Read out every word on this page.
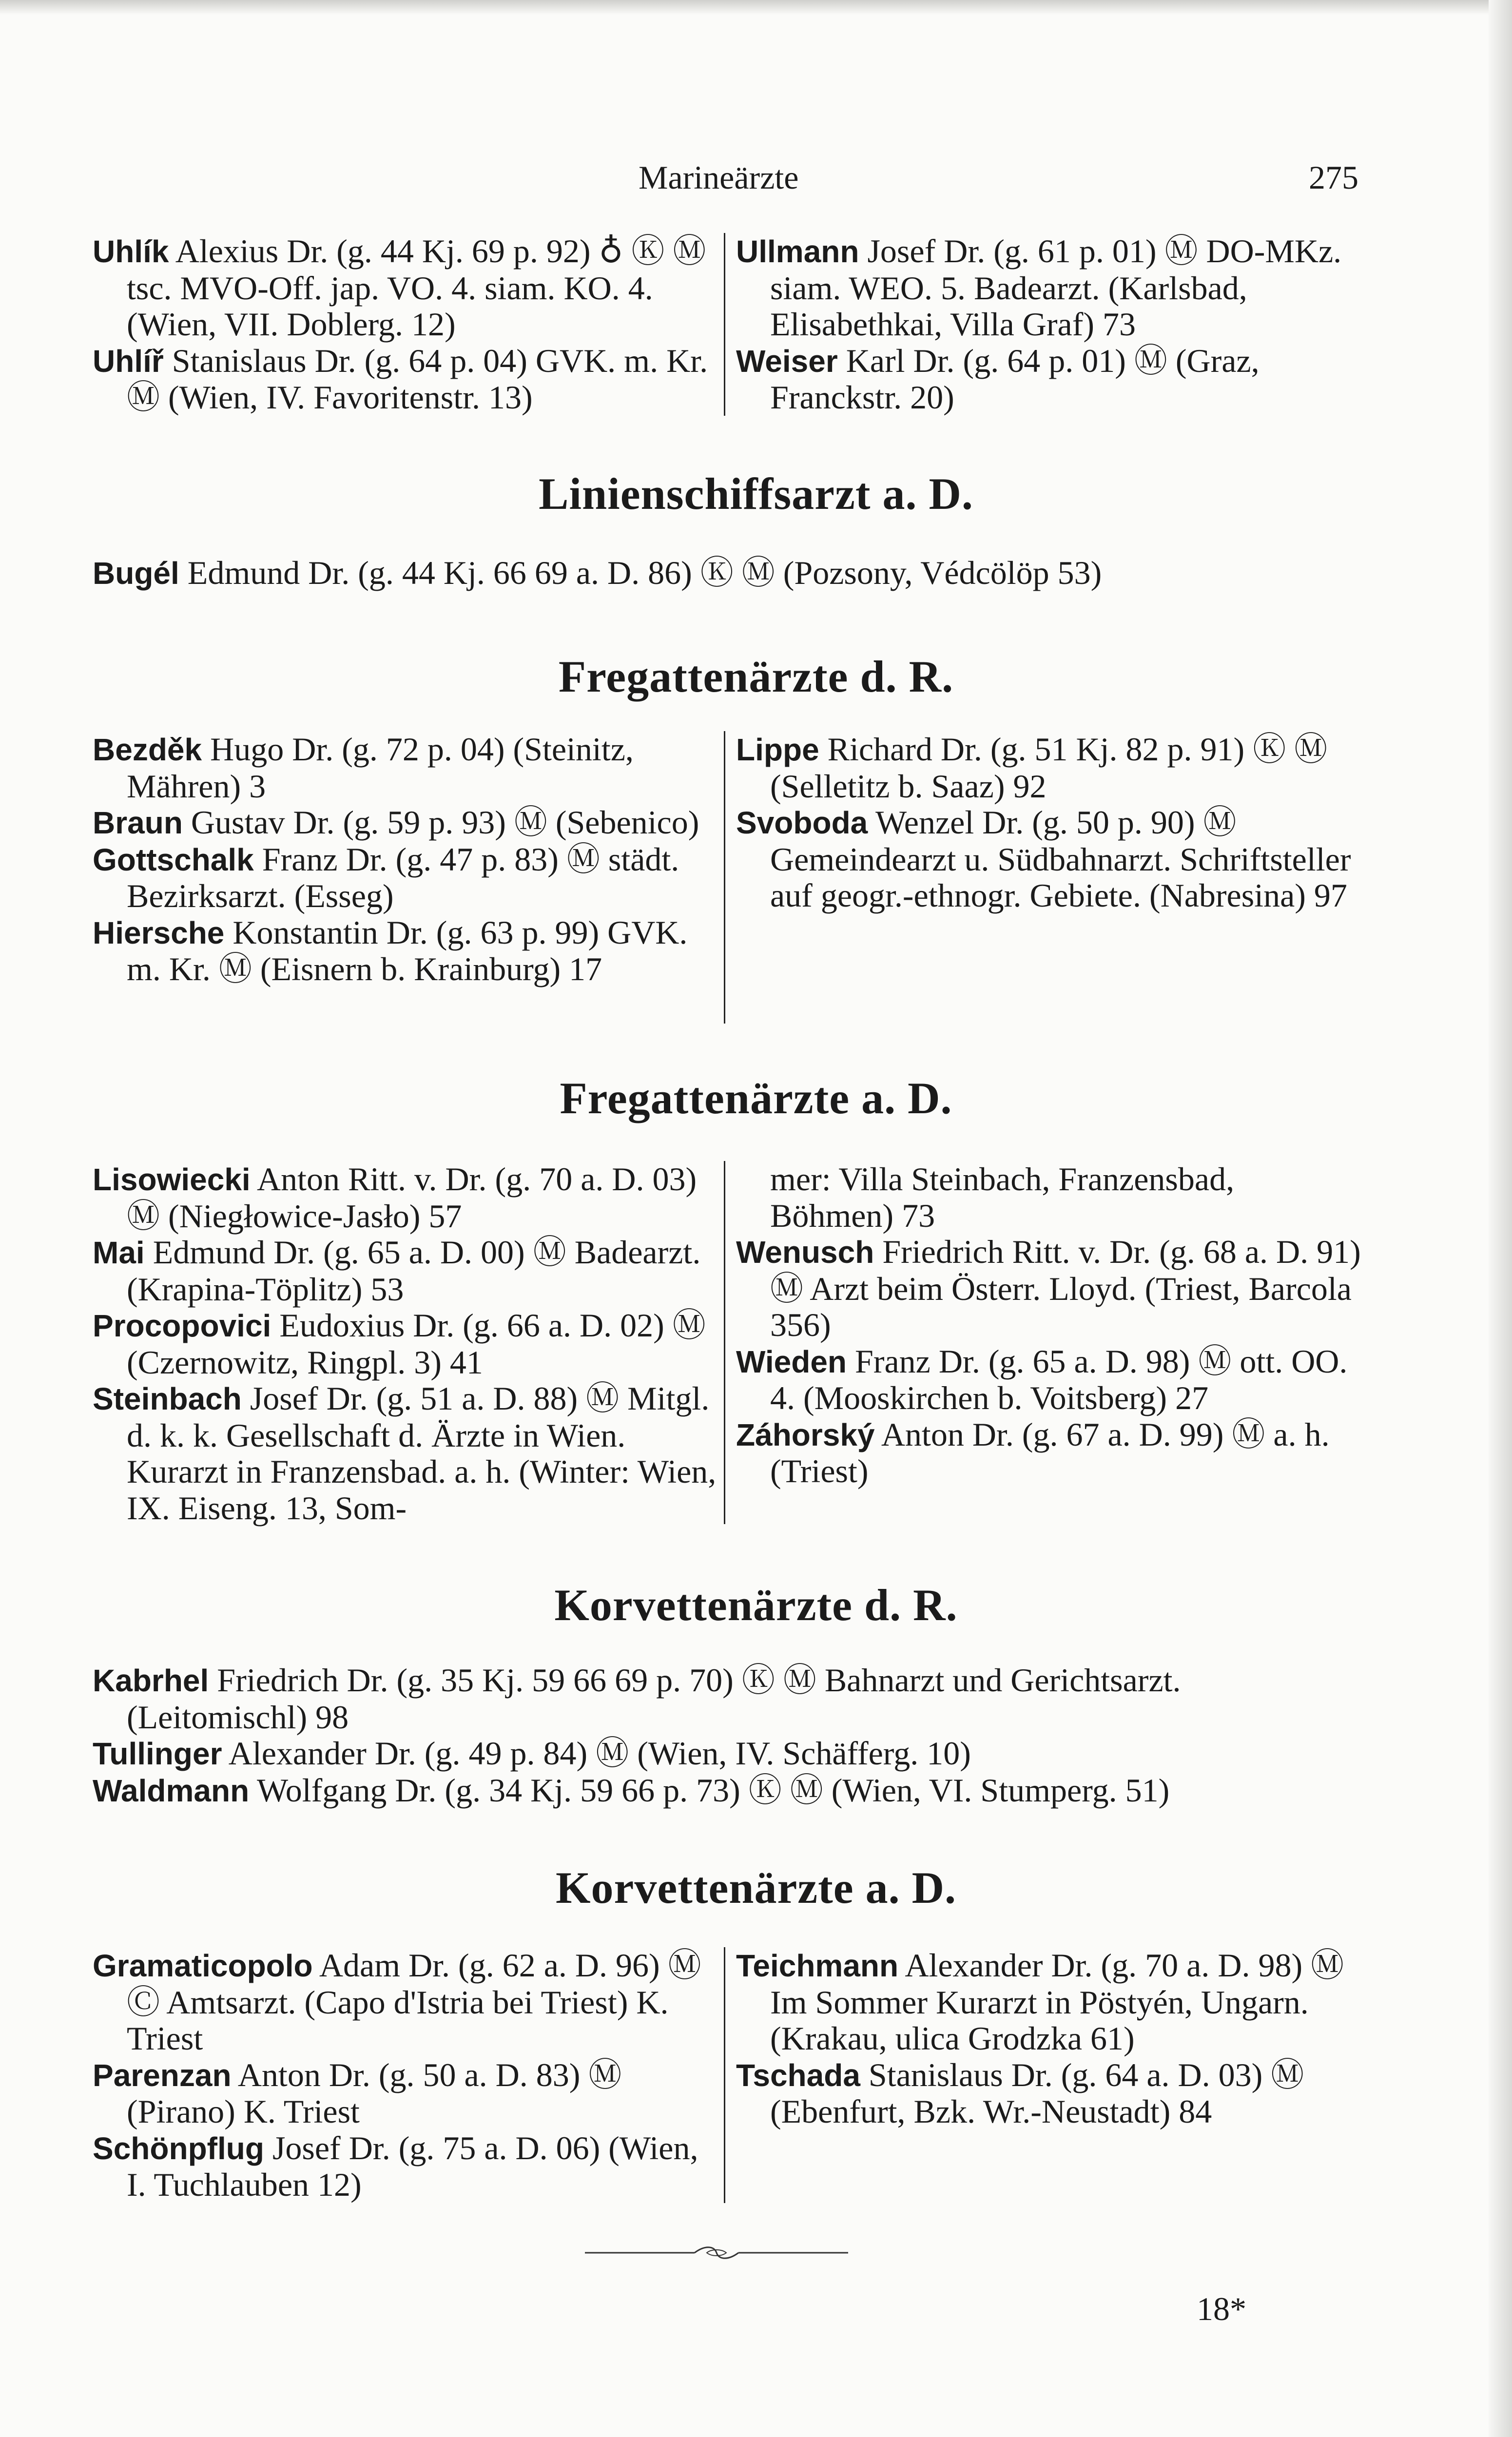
Marineärzte	275

Uhlík Alexius Dr. (g. 44 Kj. 69 p. 92) ♁ Ⓚ Ⓜ tsc. MVO-Off. jap. VO. 4. siam. KO. 4. (Wien, VII. Doblerg. 12)

Uhlíř Stanislaus Dr. (g. 64 p. 04) GVK. m. Kr. Ⓜ (Wien, IV. Favoritenstr. 13)

Ullmann Josef Dr. (g. 61 p. 01) Ⓜ DO-MKz. siam. WEO. 5. Badearzt. (Karlsbad, Elisabethkai, Villa Graf) 73

Weiser Karl Dr. (g. 64 p. 01) Ⓜ (Graz, Franckstr. 20)

Linienschiffsarzt a. D.

Bugél Edmund Dr. (g. 44 Kj. 66 69 a. D. 86) Ⓚ Ⓜ (Pozsony, Védcölöp 53)

Fregattenärzte d. R.

Bezděk Hugo Dr. (g. 72 p. 04) (Steinitz, Mähren) 3

Braun Gustav Dr. (g. 59 p. 93) Ⓜ (Sebenico)

Gottschalk Franz Dr. (g. 47 p. 83) Ⓜ städt. Bezirksarzt. (Esseg)

Hiersche Konstantin Dr. (g. 63 p. 99) GVK. m. Kr. Ⓜ (Eisnern b. Krainburg) 17

Lippe Richard Dr. (g. 51 Kj. 82 p. 91) Ⓚ Ⓜ (Selletitz b. Saaz) 92

Svoboda Wenzel Dr. (g. 50 p. 90) Ⓜ Gemeindearzt u. Südbahnarzt. Schriftsteller auf geogr.-ethnogr. Gebiete. (Nabresina) 97

Fregattenärzte a. D.

Lisowiecki Anton Ritt. v. Dr. (g. 70 a. D. 03) Ⓜ (Niegłowice-Jasło) 57

Mai Edmund Dr. (g. 65 a. D. 00) Ⓜ Badearzt. (Krapina-Töplitz) 53

Procopovici Eudoxius Dr. (g. 66 a. D. 02) Ⓜ (Czernowitz, Ringpl. 3) 41

Steinbach Josef Dr. (g. 51 a. D. 88) Ⓜ Mitgl. d. k. k. Gesellschaft d. Ärzte in Wien. Kurarzt in Franzensbad. a. h. (Winter: Wien, IX. Eiseng. 13, Som-

mer: Villa Steinbach, Franzensbad, Böhmen) 73

Wenusch Friedrich Ritt. v. Dr. (g. 68 a. D. 91) Ⓜ Arzt beim Österr. Lloyd. (Triest, Barcola 356)

Wieden Franz Dr. (g. 65 a. D. 98) Ⓜ ott. OO. 4. (Mooskirchen b. Voitsberg) 27

Záhorský Anton Dr. (g. 67 a. D. 99) Ⓜ a. h. (Triest)

Korvettenärzte d. R.

Kabrhel Friedrich Dr. (g. 35 Kj. 59 66 69 p. 70) Ⓚ Ⓜ Bahnarzt und Gerichtsarzt. (Leitomischl) 98

Tullinger Alexander Dr. (g. 49 p. 84) Ⓜ (Wien, IV. Schäfferg. 10)

Waldmann Wolfgang Dr. (g. 34 Kj. 59 66 p. 73) Ⓚ Ⓜ (Wien, VI. Stumperg. 51)

Korvettenärzte a. D.

Gramaticopolo Adam Dr. (g. 62 a. D. 96) Ⓜ Ⓒ Amtsarzt. (Capo d'Istria bei Triest) K. Triest

Parenzan Anton Dr. (g. 50 a. D. 83) Ⓜ (Pirano) K. Triest

Schönpflug Josef Dr. (g. 75 a. D. 06) (Wien, I. Tuchlauben 12)

Teichmann Alexander Dr. (g. 70 a. D. 98) Ⓜ Im Sommer Kurarzt in Pöstyén, Ungarn. (Krakau, ulica Grodzka 61)

Tschada Stanislaus Dr. (g. 64 a. D. 03) Ⓜ (Ebenfurt, Bzk. Wr.-Neustadt) 84

18*
